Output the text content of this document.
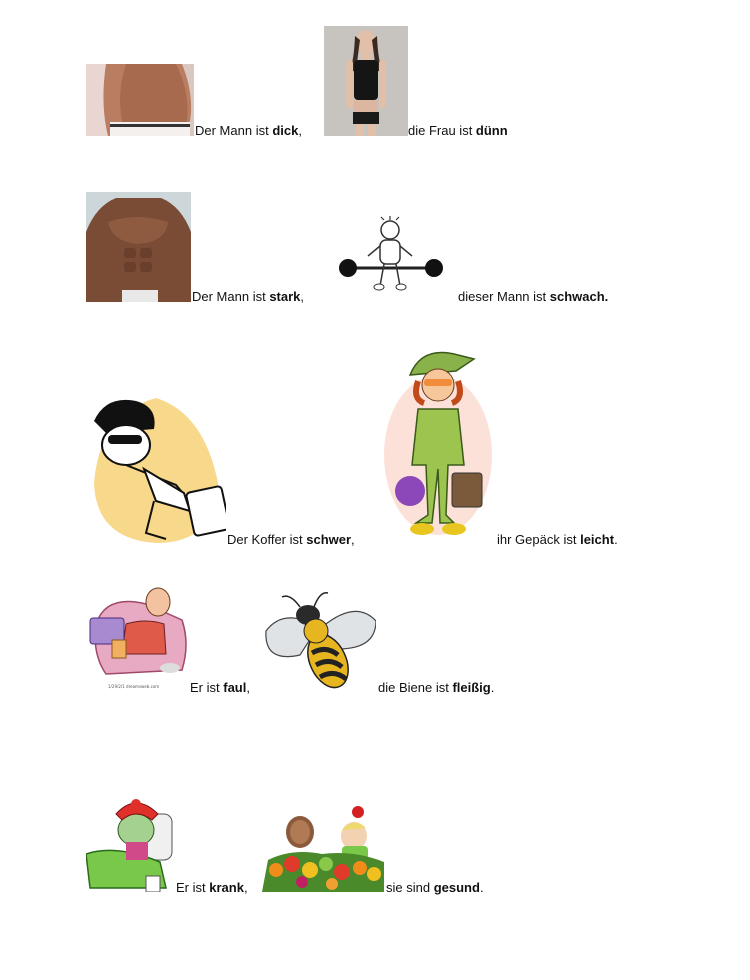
Der Mann ist dick,	die Frau ist dünn
Der Mann ist stark,	dieser Mann ist schwach.
Der Koffer ist schwer,	ihr Gepäck ist leicht.
1/29/2/1 dreamsweb.com Er ist faul,	die Biene ist fleißig.
Er ist krank,	sie sind gesund.
